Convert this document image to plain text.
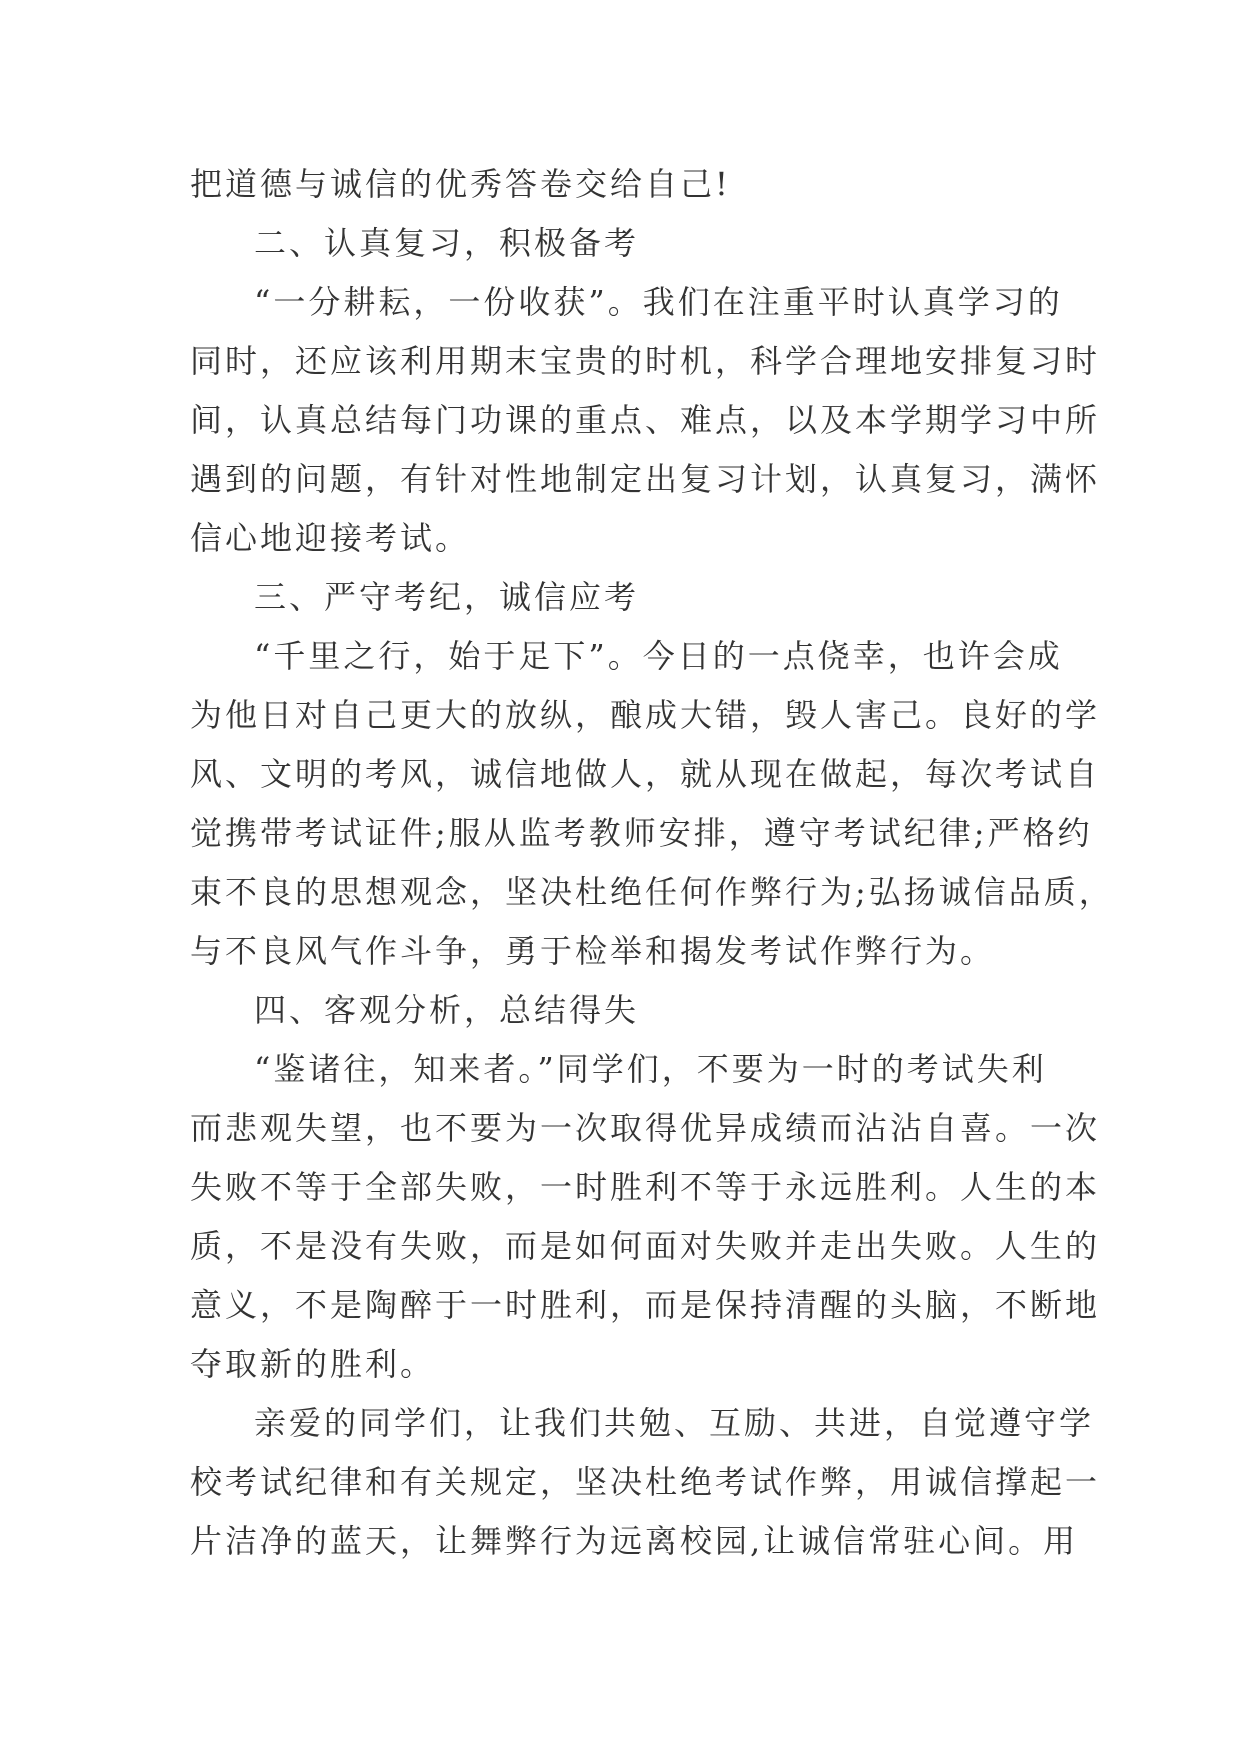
把道德与诚信的优秀答卷交给自己!
二、认真复习，积极备考
“一分耕耘，一份收获”。我们在注重平时认真学习的
同时，还应该利用期末宝贵的时机，科学合理地安排复习时
间，认真总结每门功课的重点、难点，以及本学期学习中所
遇到的问题，有针对性地制定出复习计划，认真复习，满怀
信心地迎接考试。
三、严守考纪，诚信应考
“千里之行，始于足下”。今日的一点侥幸，也许会成
为他日对自己更大的放纵，酿成大错，毁人害己。良好的学
风、文明的考风，诚信地做人，就从现在做起，每次考试自
觉携带考试证件;服从监考教师安排，遵守考试纪律;严格约
束不良的思想观念，坚决杜绝任何作弊行为;弘扬诚信品质，
与不良风气作斗争，勇于检举和揭发考试作弊行为。
四、客观分析，总结得失
“鉴诸往，知来者。”同学们，不要为一时的考试失利
而悲观失望，也不要为一次取得优异成绩而沾沾自喜。一次
失败不等于全部失败，一时胜利不等于永远胜利。人生的本
质，不是没有失败，而是如何面对失败并走出失败。人生的
意义，不是陶醉于一时胜利，而是保持清醒的头脑，不断地
夺取新的胜利。
亲爱的同学们，让我们共勉、互励、共进，自觉遵守学
校考试纪律和有关规定，坚决杜绝考试作弊，用诚信撑起一
片洁净的蓝天，让舞弊行为远离校园,让诚信常驻心间。用
